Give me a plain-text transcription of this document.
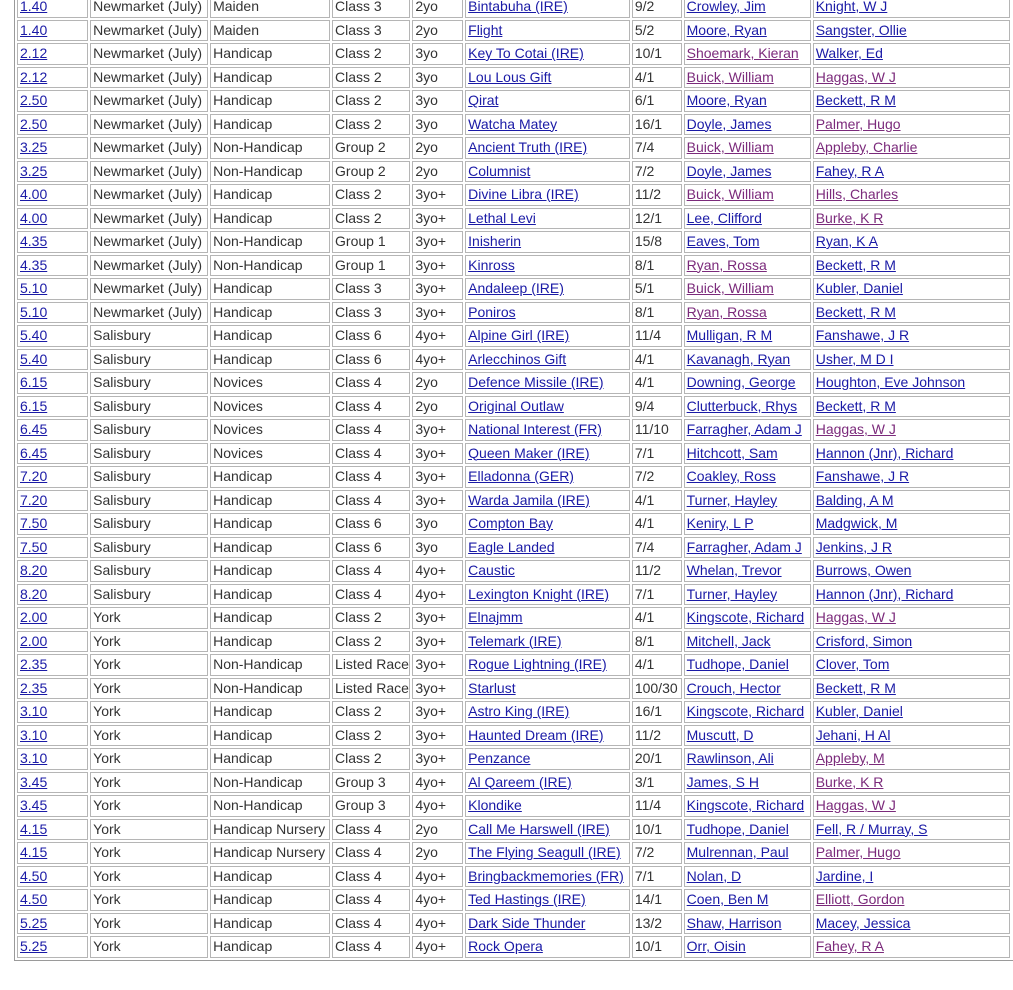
1.40	Newmarket (July)	Maiden	Class 3	2yo	Bintabuha (IRE)	9/2	Crowley, Jim	Knight, W J
1.40	Newmarket (July)	Maiden	Class 3	2yo	Flight	5/2	Moore, Ryan	Sangster, Ollie
2.12	Newmarket (July)	Handicap	Class 2	3yo	Key To Cotai (IRE)	10/1	Shoemark, Kieran	Walker, Ed
2.12	Newmarket (July)	Handicap	Class 2	3yo	Lou Lous Gift	4/1	Buick, William	Haggas, W J
2.50	Newmarket (July)	Handicap	Class 2	3yo	Qirat	6/1	Moore, Ryan	Beckett, R M
2.50	Newmarket (July)	Handicap	Class 2	3yo	Watcha Matey	16/1	Doyle, James	Palmer, Hugo
3.25	Newmarket (July)	Non-Handicap	Group 2	2yo	Ancient Truth (IRE)	7/4	Buick, William	Appleby, Charlie
3.25	Newmarket (July)	Non-Handicap	Group 2	2yo	Columnist	7/2	Doyle, James	Fahey, R A
4.00	Newmarket (July)	Handicap	Class 2	3yo+	Divine Libra (IRE)	11/2	Buick, William	Hills, Charles
4.00	Newmarket (July)	Handicap	Class 2	3yo+	Lethal Levi	12/1	Lee, Clifford	Burke, K R
4.35	Newmarket (July)	Non-Handicap	Group 1	3yo+	Inisherin	15/8	Eaves, Tom	Ryan, K A
4.35	Newmarket (July)	Non-Handicap	Group 1	3yo+	Kinross	8/1	Ryan, Rossa	Beckett, R M
5.10	Newmarket (July)	Handicap	Class 3	3yo+	Andaleep (IRE)	5/1	Buick, William	Kubler, Daniel
5.10	Newmarket (July)	Handicap	Class 3	3yo+	Poniros	8/1	Ryan, Rossa	Beckett, R M
5.40	Salisbury	Handicap	Class 6	4yo+	Alpine Girl (IRE)	11/4	Mulligan, R M	Fanshawe, J R
5.40	Salisbury	Handicap	Class 6	4yo+	Arlecchinos Gift	4/1	Kavanagh, Ryan	Usher, M D I
6.15	Salisbury	Novices	Class 4	2yo	Defence Missile (IRE)	4/1	Downing, George	Houghton, Eve Johnson
6.15	Salisbury	Novices	Class 4	2yo	Original Outlaw	9/4	Clutterbuck, Rhys	Beckett, R M
6.45	Salisbury	Novices	Class 4	3yo+	National Interest (FR)	11/10	Farragher, Adam J	Haggas, W J
6.45	Salisbury	Novices	Class 4	3yo+	Queen Maker (IRE)	7/1	Hitchcott, Sam	Hannon (Jnr), Richard
7.20	Salisbury	Handicap	Class 4	3yo+	Elladonna (GER)	7/2	Coakley, Ross	Fanshawe, J R
7.20	Salisbury	Handicap	Class 4	3yo+	Warda Jamila (IRE)	4/1	Turner, Hayley	Balding, A M
7.50	Salisbury	Handicap	Class 6	3yo	Compton Bay	4/1	Keniry, L P	Madgwick, M
7.50	Salisbury	Handicap	Class 6	3yo	Eagle Landed	7/4	Farragher, Adam J	Jenkins, J R
8.20	Salisbury	Handicap	Class 4	4yo+	Caustic	11/2	Whelan, Trevor	Burrows, Owen
8.20	Salisbury	Handicap	Class 4	4yo+	Lexington Knight (IRE)	7/1	Turner, Hayley	Hannon (Jnr), Richard
2.00	York	Handicap	Class 2	3yo+	Elnajmm	4/1	Kingscote, Richard	Haggas, W J
2.00	York	Handicap	Class 2	3yo+	Telemark (IRE)	8/1	Mitchell, Jack	Crisford, Simon
2.35	York	Non-Handicap	Listed Race	3yo+	Rogue Lightning (IRE)	4/1	Tudhope, Daniel	Clover, Tom
2.35	York	Non-Handicap	Listed Race	3yo+	Starlust	100/30	Crouch, Hector	Beckett, R M
3.10	York	Handicap	Class 2	3yo+	Astro King (IRE)	16/1	Kingscote, Richard	Kubler, Daniel
3.10	York	Handicap	Class 2	3yo+	Haunted Dream (IRE)	11/2	Muscutt, D	Jehani, H Al
3.10	York	Handicap	Class 2	3yo+	Penzance	20/1	Rawlinson, Ali	Appleby, M
3.45	York	Non-Handicap	Group 3	4yo+	Al Qareem (IRE)	3/1	James, S H	Burke, K R
3.45	York	Non-Handicap	Group 3	4yo+	Klondike	11/4	Kingscote, Richard	Haggas, W J
4.15	York	Handicap Nursery	Class 4	2yo	Call Me Harswell (IRE)	10/1	Tudhope, Daniel	Fell, R / Murray, S
4.15	York	Handicap Nursery	Class 4	2yo	The Flying Seagull (IRE)	7/2	Mulrennan, Paul	Palmer, Hugo
4.50	York	Handicap	Class 4	4yo+	Bringbackmemories (FR)	7/1	Nolan, D	Jardine, I
4.50	York	Handicap	Class 4	4yo+	Ted Hastings (IRE)	14/1	Coen, Ben M	Elliott, Gordon
5.25	York	Handicap	Class 4	4yo+	Dark Side Thunder	13/2	Shaw, Harrison	Macey, Jessica
5.25	York	Handicap	Class 4	4yo+	Rock Opera	10/1	Orr, Oisin	Fahey, R A
